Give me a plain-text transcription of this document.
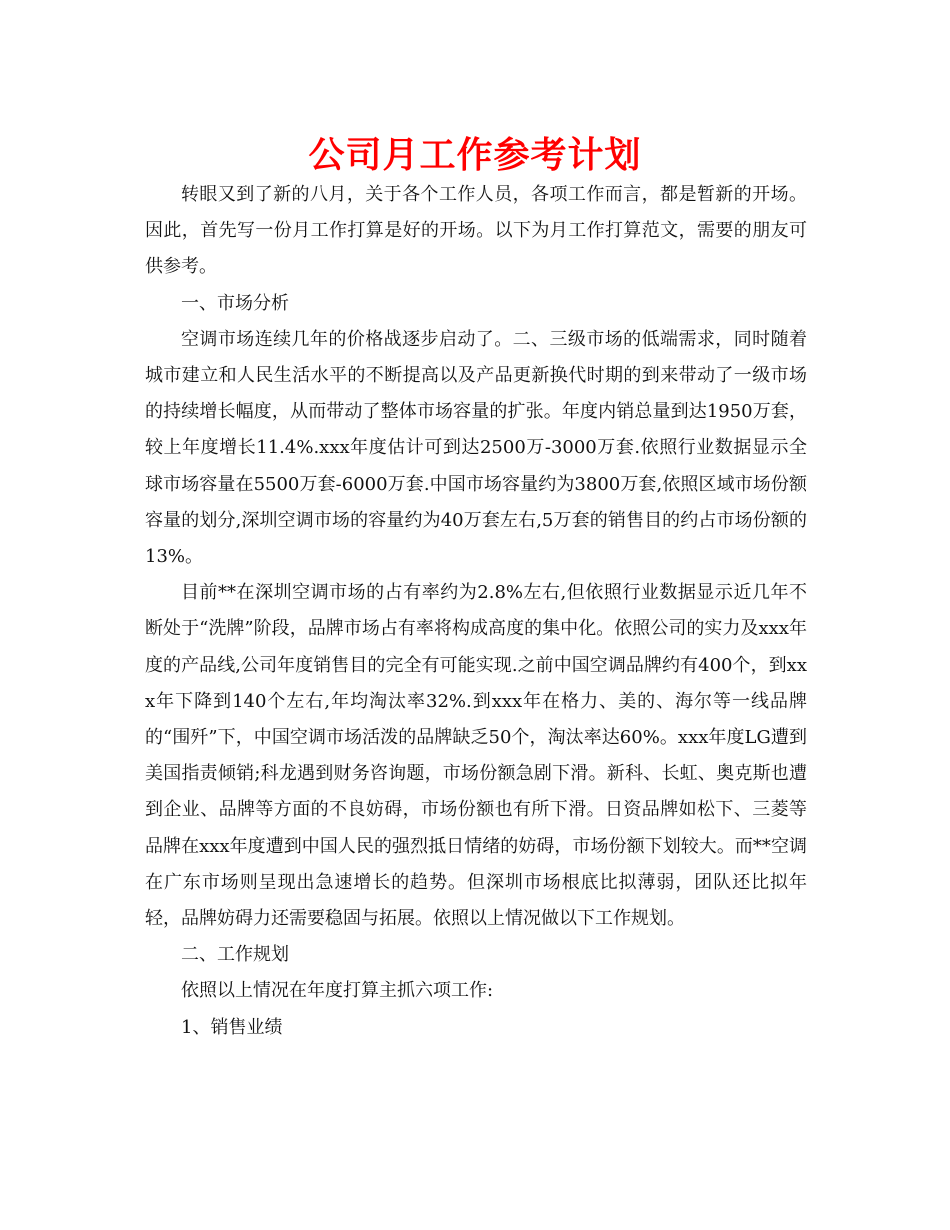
公司月工作参考计划

转眼又到了新的八月，关于各个工作人员，各项工作而言，都是暂新的开场。因此，首先写一份月工作打算是好的开场。以下为月工作打算范文，需要的朋友可供参考。

一、市场分析

空调市场连续几年的价格战逐步启动了。二、三级市场的低端需求，同时随着城市建立和人民生活水平的不断提高以及产品更新换代时期的到来带动了一级市场的持续增长幅度，从而带动了整体市场容量的扩张。年度内销总量到达1950万套，较上年度增长11.4%.xxx年度估计可到达2500万-3000万套.依照行业数据显示全球市场容量在5500万套-6000万套.中国市场容量约为3800万套,依照区域市场份额容量的划分,深圳空调市场的容量约为40万套左右,5万套的销售目的约占市场份额的13%。

目前**在深圳空调市场的占有率约为2.8%左右,但依照行业数据显示近几年不断处于“洗牌”阶段，品牌市场占有率将构成高度的集中化。依照公司的实力及xxx年度的产品线,公司年度销售目的完全有可能实现.之前中国空调品牌约有400个，到xxx年下降到140个左右,年均淘汰率32%.到xxx年在格力、美的、海尔等一线品牌的“围歼”下，中国空调市场活泼的品牌缺乏50个，淘汰率达60%。xxx年度LG遭到美国指责倾销;科龙遇到财务咨询题，市场份额急剧下滑。新科、长虹、奥克斯也遭到企业、品牌等方面的不良妨碍，市场份额也有所下滑。日资品牌如松下、三菱等品牌在xxx年度遭到中国人民的强烈抵日情绪的妨碍，市场份额下划较大。而**空调在广东市场则呈现出急速增长的趋势。但深圳市场根底比拟薄弱，团队还比拟年轻，品牌妨碍力还需要稳固与拓展。依照以上情况做以下工作规划。

二、工作规划

依照以上情况在年度打算主抓六项工作:

1、销售业绩
